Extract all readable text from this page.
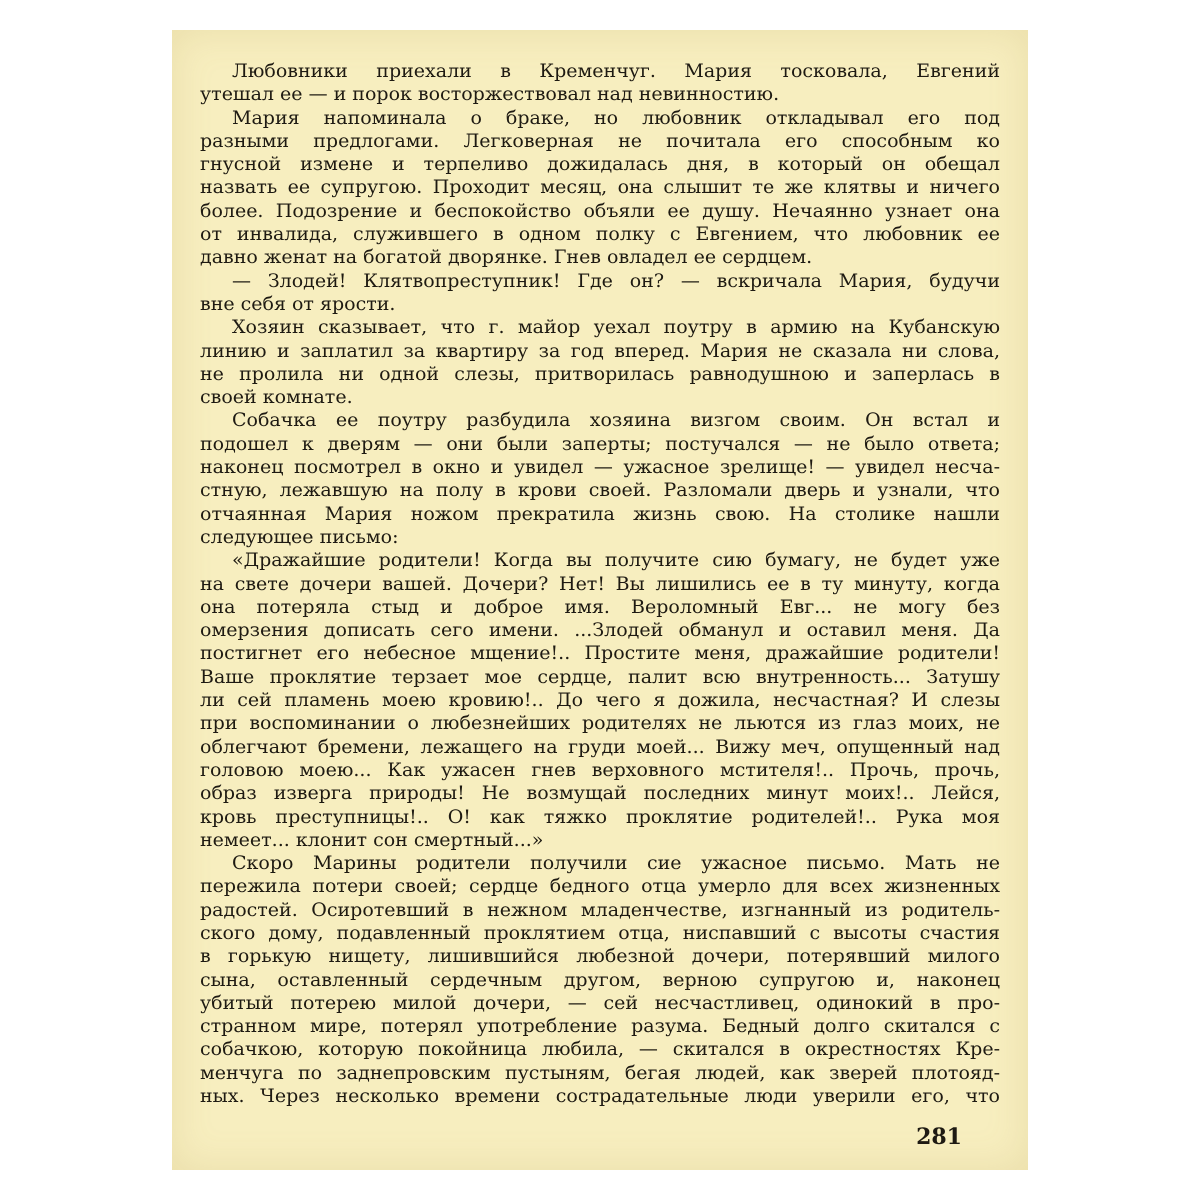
Любовники приехали в Кременчуг. Мария тосковала, Евгений
утешал ее — и порок восторжествовал над невинностию.
Мария напоминала о браке, но любовник откладывал его под
разными предлогами. Легковерная не почитала его способным ко
гнусной измене и терпеливо дожидалась дня, в который он обещал
назвать ее супругою. Проходит месяц, она слышит те же клятвы и ничего
более. Подозрение и беспокойство объяли ее душу. Нечаянно узнает она
от инвалида, служившего в одном полку с Евгением, что любовник ее
давно женат на богатой дворянке. Гнев овладел ее сердцем.
— Злодей! Клятвопреступник! Где он? — вскричала Мария, будучи
вне себя от ярости.
Хозяин сказывает, что г. майор уехал поутру в армию на Кубанскую
линию и заплатил за квартиру за год вперед. Мария не сказала ни слова,
не пролила ни одной слезы, притворилась равнодушною и заперлась в
своей комнате.
Собачка ее поутру разбудила хозяина визгом своим. Он встал и
подошел к дверям — они были заперты; постучался — не было ответа;
наконец посмотрел в окно и увидел — ужасное зрелище! — увидел несча-
стную, лежавшую на полу в крови своей. Разломали дверь и узнали, что
отчаянная Мария ножом прекратила жизнь свою. На столике нашли
следующее письмо:
«Дражайшие родители! Когда вы получите сию бумагу, не будет уже
на свете дочери вашей. Дочери? Нет! Вы лишились ее в ту минуту, когда
она потеряла стыд и доброе имя. Вероломный Евг... не могу без
омерзения дописать сего имени. ...Злодей обманул и оставил меня. Да
постигнет его небесное мщение!.. Простите меня, дражайшие родители!
Ваше проклятие терзает мое сердце, палит всю внутренность... Затушу
ли сей пламень моею кровию!.. До чего я дожила, несчастная? И слезы
при воспоминании о любезнейших родителях не льются из глаз моих, не
облегчают бремени, лежащего на груди моей... Вижу меч, опущенный над
головою моею... Как ужасен гнев верховного мстителя!.. Прочь, прочь,
образ изверга природы! Не возмущай последних минут моих!.. Лейся,
кровь преступницы!.. О! как тяжко проклятие родителей!.. Рука моя
немеет... клонит сон смертный...»
Скоро Марины родители получили сие ужасное письмо. Мать не
пережила потери своей; сердце бедного отца умерло для всех жизненных
радостей. Осиротевший в нежном младенчестве, изгнанный из родитель-
ского дому, подавленный проклятием отца, ниспавший с высоты счастия
в горькую нищету, лишившийся любезной дочери, потерявший милого
сына, оставленный сердечным другом, верною супругою и, наконец
убитый потерею милой дочери, — сей несчастливец, одинокий в про-
странном мире, потерял употребление разума. Бедный долго скитался с
собачкою, которую покойница любила, — скитался в окрестностях Кре-
менчуга по заднепровским пустыням, бегая людей, как зверей плотояд-
ных. Через несколько времени сострадательные люди уверили его, что
281
